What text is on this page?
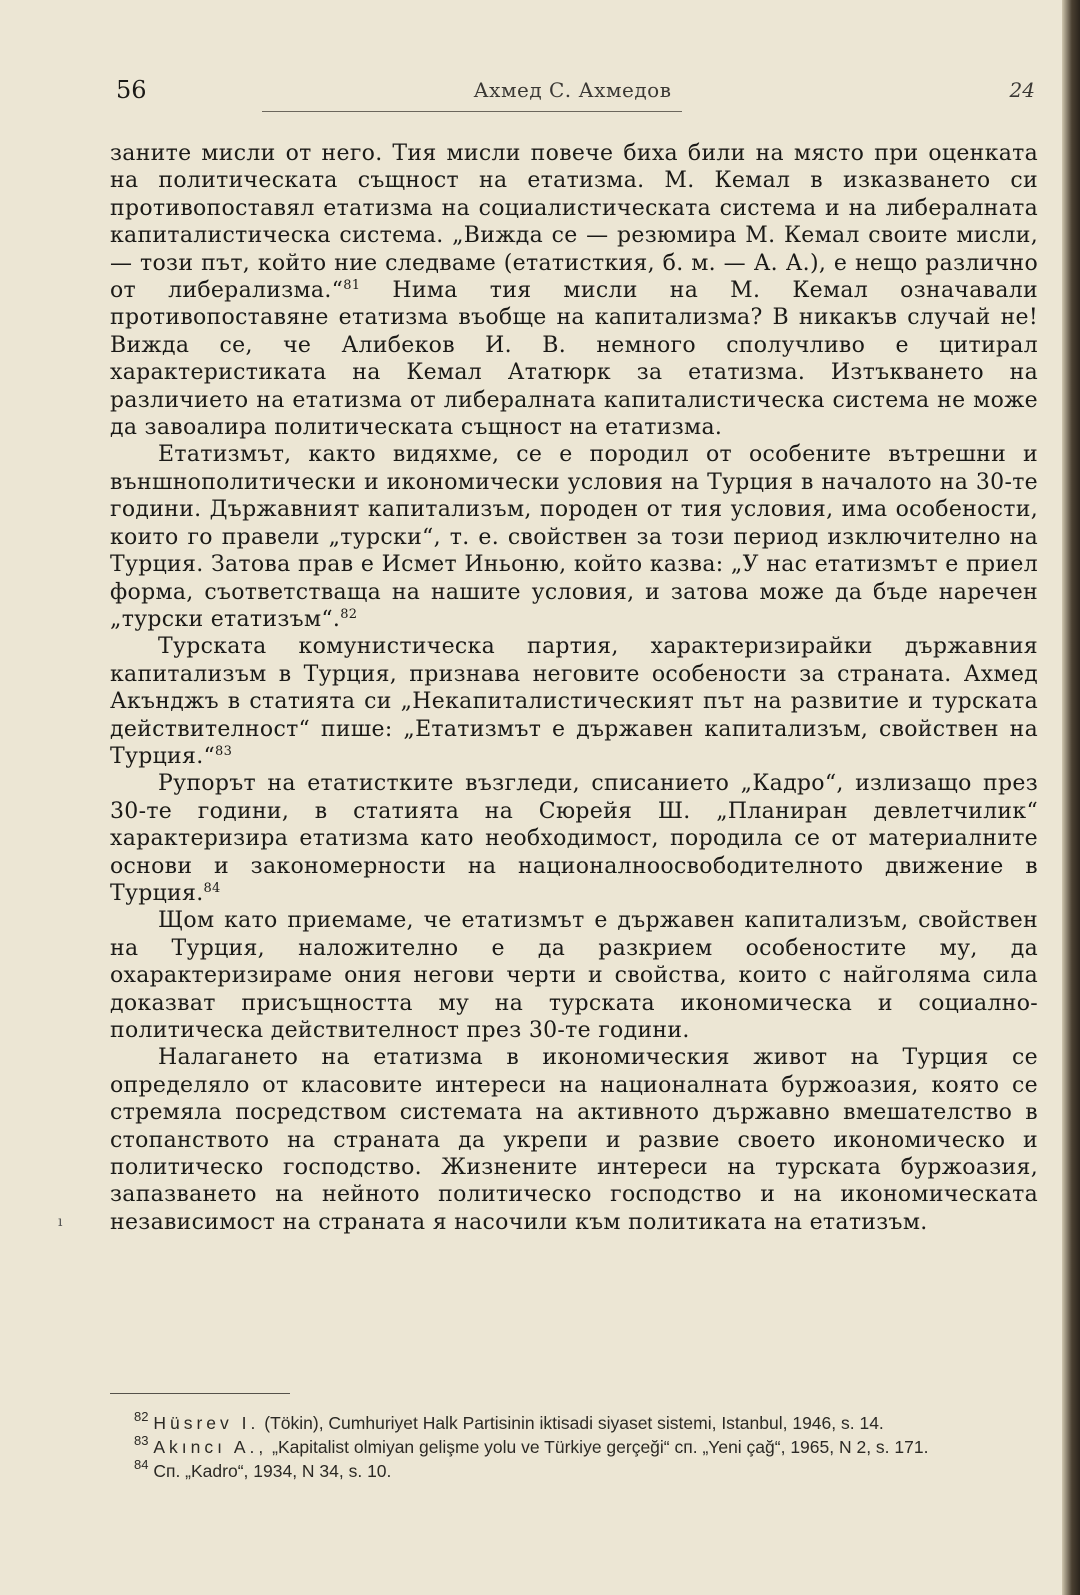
56	Ахмед С. Ахмедов	24

заните мисли от него. Тия мисли повече биха били на място при оценката на политическата същност на етатизма. М. Кемал в изказването си противопоставял етатизма на социалистическата система и на либералната капиталистическа система. „Вижда се — резюмира М. Кемал своите мисли, — този път, който ние следваме (етатисткия, б. м. — А. А.), е нещо различно от либерализма.“$^{81}$ Нима тия мисли на М. Кемал означавали противопоставяне етатизма въобще на капитализма? В никакъв случай не! Вижда се, че Алибеков И. В. немного сполучливо е цитирал характеристиката на Кемал Ататюрк за етатизма. Изтъкването на различието на етатизма от либералната капиталистическа система не може да завоалира политическата същност на етатизма.

Етатизмът, както видяхме, се е породил от особените вътрешни и външнополитически и икономически условия на Турция в началото на 30-те години. Държавният капитализъм, породен от тия условия, има особености, които го правели „турски“, т. е. свойствен за този период изключително на Турция. Затова прав е Исмет Иньоню, който казва: „У нас етатизмът е приел форма, съответстваща на нашите условия, и затова може да бъде наречен „турски етатизъм“.$^{82}$

Турската комунистическа партия, характеризирайки държавния капитализъм в Турция, признава неговите особености за страната. Ахмед Акънджъ в статията си „Некапиталистическият път на развитие и турската действителност“ пише: „Етатизмът е държавен капитализъм, свойствен на Турция.“$^{83}$

Рупорът на етатистките възгледи, списанието „Кадро“, излизащо през 30-те години, в статията на Сюрейя Ш. „Планиран девлетчилик“ характеризира етатизма като необходимост, породила се от материалните основи и закономерности на националноосвободителното движение в Турция.$^{84}$

Щом като приемаме, че етатизмът е държавен капитализъм, свойствен на Турция, наложително е да разкрием особеностите му, да охарактеризираме ония негови черти и свойства, които с найголяма сила доказват присъщността му на турската икономическа и социално-политическа действителност през 30-те години.

Налагането на етатизма в икономическия живот на Турция се определяло от класовите интереси на националната буржоазия, която се стремяла посредством системата на активното държавно вмешателство в стопанството на страната да укрепи и развие своето икономическо и политическо господство. Жизнените интереси на турската буржоазия, запазването на нейното политическо господство и на икономическата независимост на страната я насочили към политиката на етатизъм.

ı

$^{82}$ Hüsrev I. (Tökin), Cumhuriyet Halk Partisinin iktisadi siyaset sistemi, Istanbul, 1946, s. 14.

$^{83}$ Akıncı A., „Kapitalist olmiyan gelişme yolu ve Türkiye gerçeği“ сп. „Yeni çağ“, 1965, N 2, s. 171.

$^{84}$ Сп. „Kadro“, 1934, N 34, s. 10.
